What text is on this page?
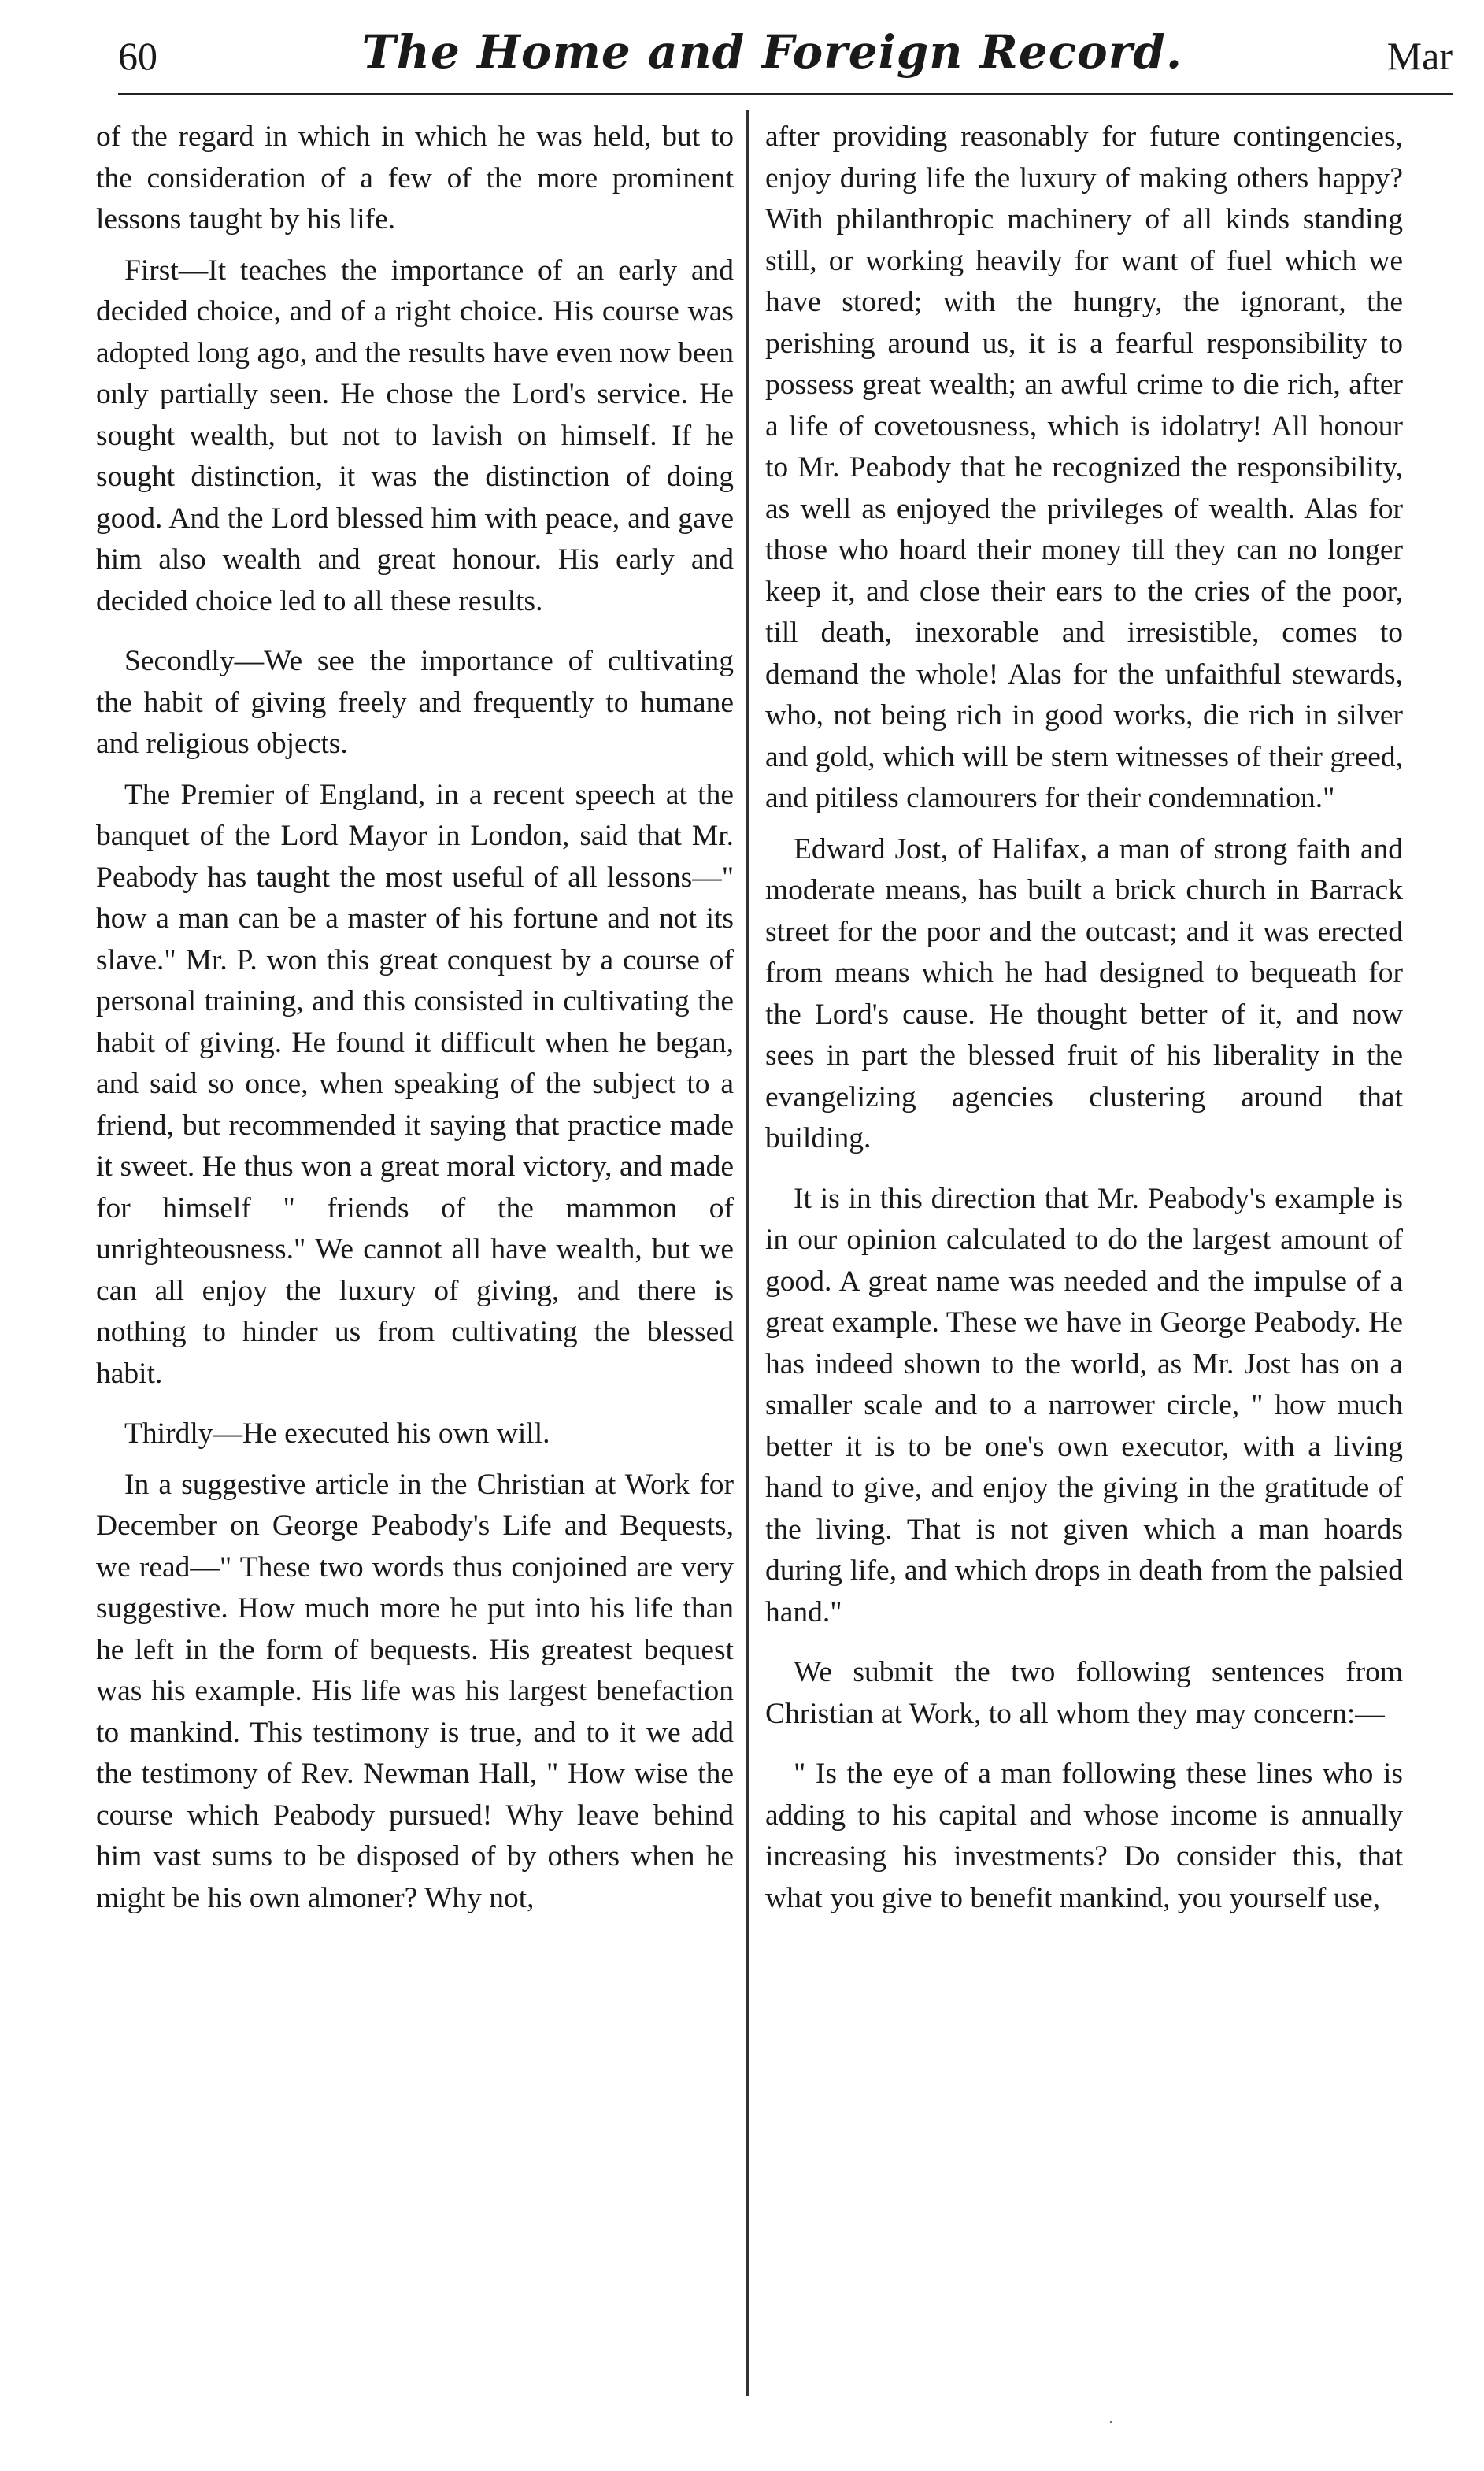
60	The Home and Foreign Record.	Mar

of the regard in which in which he was held, but to the consideration of a few of the more prominent lessons taught by his life.

First—It teaches the importance of an early and decided choice, and of a right choice. His course was adopted long ago, and the results have even now been only partially seen. He chose the Lord's service. He sought wealth, but not to lavish on himself. If he sought distinction, it was the distinction of doing good. And the Lord blessed him with peace, and gave him also wealth and great honour. His early and decided choice led to all these results.

Secondly—We see the importance of cultivating the habit of giving freely and frequently to humane and religious objects.

The Premier of England, in a recent speech at the banquet of the Lord Mayor in London, said that Mr. Peabody has taught the most useful of all lessons—" how a man can be a master of his fortune and not its slave." Mr. P. won this great conquest by a course of personal training, and this consisted in cultivating the habit of giving. He found it difficult when he began, and said so once, when speaking of the subject to a friend, but recommended it saying that practice made it sweet. He thus won a great moral victory, and made for himself " friends of the mammon of unrighteousness." We cannot all have wealth, but we can all enjoy the luxury of giving, and there is nothing to hinder us from cultivating the blessed habit.

Thirdly—He executed his own will.

In a suggestive article in the Christian at Work for December on George Peabody's Life and Bequests, we read—" These two words thus conjoined are very suggestive. How much more he put into his life than he left in the form of bequests. His greatest bequest was his example. His life was his largest benefaction to mankind. This testimony is true, and to it we add the testimony of Rev. Newman Hall, " How wise the course which Peabody pursued! Why leave behind him vast sums to be disposed of by others when he might be his own almoner? Why not,

after providing reasonably for future contingencies, enjoy during life the luxury of making others happy? With philanthropic machinery of all kinds standing still, or working heavily for want of fuel which we have stored; with the hungry, the ignorant, the perishing around us, it is a fearful responsibility to possess great wealth; an awful crime to die rich, after a life of covetousness, which is idolatry! All honour to Mr. Peabody that he recognized the responsibility, as well as enjoyed the privileges of wealth. Alas for those who hoard their money till they can no longer keep it, and close their ears to the cries of the poor, till death, inexorable and irresistible, comes to demand the whole! Alas for the unfaithful stewards, who, not being rich in good works, die rich in silver and gold, which will be stern witnesses of their greed, and pitiless clamourers for their condemnation."

Edward Jost, of Halifax, a man of strong faith and moderate means, has built a brick church in Barrack street for the poor and the outcast; and it was erected from means which he had designed to bequeath for the Lord's cause. He thought better of it, and now sees in part the blessed fruit of his liberality in the evangelizing agencies clustering around that building.

It is in this direction that Mr. Peabody's example is in our opinion calculated to do the largest amount of good. A great name was needed and the impulse of a great example. These we have in George Peabody. He has indeed shown to the world, as Mr. Jost has on a smaller scale and to a narrower circle, " how much better it is to be one's own executor, with a living hand to give, and enjoy the giving in the gratitude of the living. That is not given which a man hoards during life, and which drops in death from the palsied hand."

We submit the two following sentences from Christian at Work, to all whom they may concern:—

" Is the eye of a man following these lines who is adding to his capital and whose income is annually increasing his investments? Do consider this, that what you give to benefit mankind, you yourself use,

·
